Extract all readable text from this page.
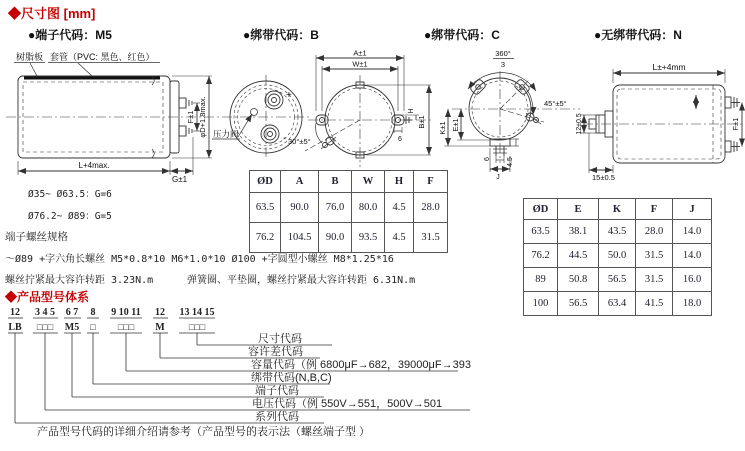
◆尺寸图 [mm]
●端子代码：M5	●绑带代码：B	●绑带代码：C	●无绑带代码：N
树脂板 套管（PVC: 黑色、红色）
L+4max.
G±1
F±1 φD+1.8max. 压力阀
+
- 30°±5°
A±1
W±1
H
B±1
6
360°
3
45°±5°
E±1
K±1
6 4.5
J
L±+4mm
F±1
12±0.5
15±0.5
ØD	A	B	W	H	F
63.5	90.0	76.0	80.0	4.5	28.0
76.2	104.5	90.0	93.5	4.5	31.5
ØD	E	K	F	J
63.5	38.1	43.5	28.0	14.0
76.2	44.5	50.0	31.5	14.0
89	50.8	56.5	31.5	16.0
100	56.5	63.4	41.5	18.0
Ø35~ Ø63.5：G=6
Ø76.2~ Ø89：G=5
端子螺丝规格
～Ø89 +字六角长螺丝 M5*0.8*10 M6*1.0*10 Ø100 +字圆型小螺丝 M8*1.25*16
螺丝拧紧最大容许转距 3.23N.m	弹簧圈、平垫圈，螺丝拧紧最大容许转距 6.31N.m
◆产品型号体系
12 3 4 5 6 7 8 9 10 11 12 13 14 15
LB □□□ M5 □ □□□ M	□□□
尺寸代码
容许差代码
容量代码（例 6800μF→682，39000μF→393
绑带代码(N,B,C)
端子代码
电压代码（例 550V→551，500V→501
系列代码
产品型号代码的详细介绍请参考（产品型号的表示法（螺丝端子型 ）
